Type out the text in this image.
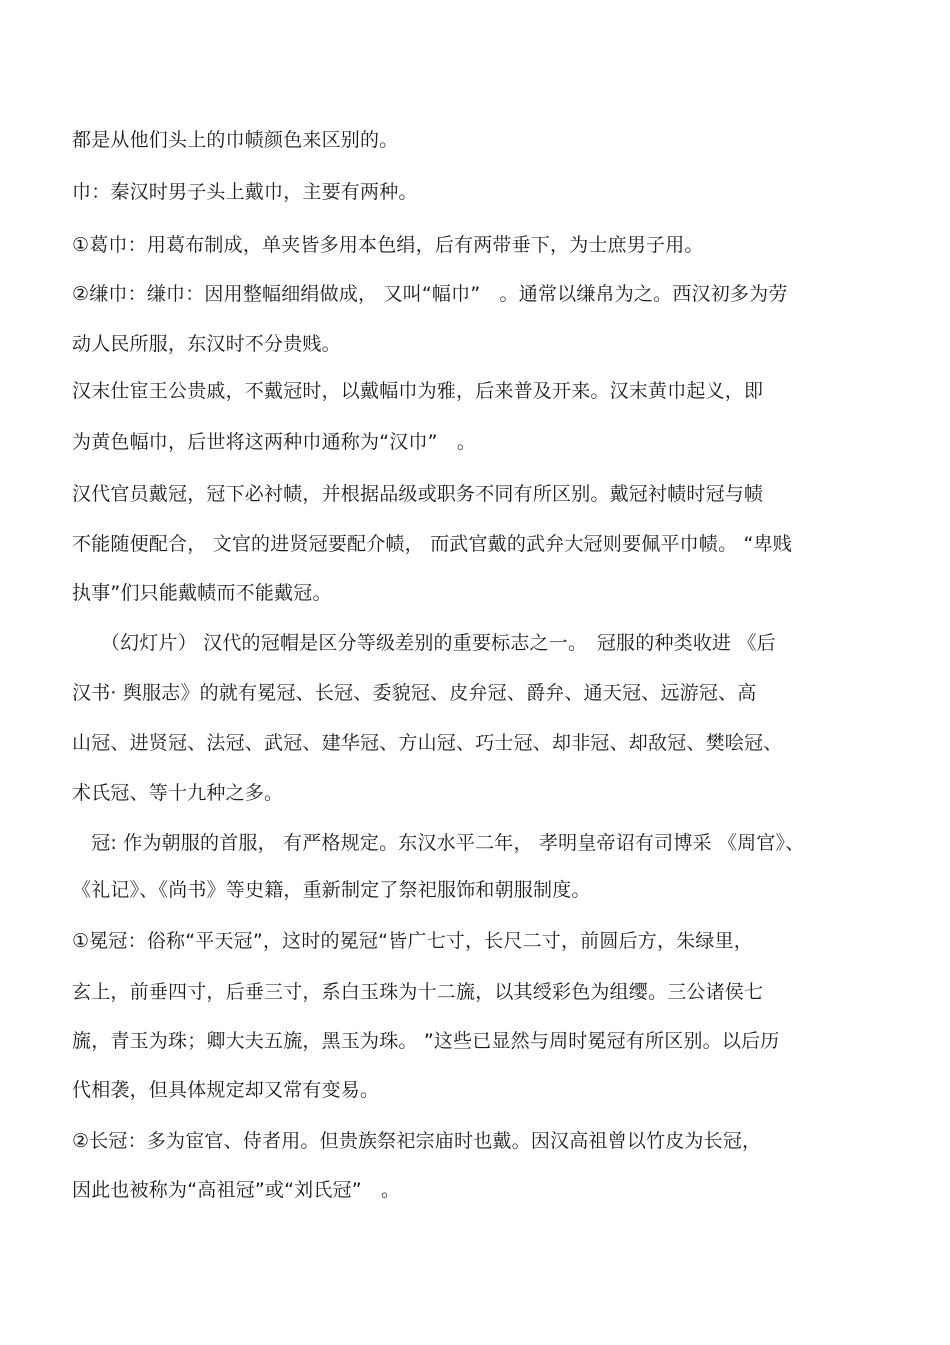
都是从他们头上的巾帻颜色来区别的。
巾：秦汉时男子头上戴巾，主要有两种。
①葛巾：用葛布制成，单夹皆多用本色绢，后有两带垂下，为士庶男子用。
②缣巾：缣巾：因用整幅细绢做成， 又叫“幅巾”　。通常以缣帛为之。西汉初多为劳
动人民所服，东汉时不分贵贱。
汉末仕宦王公贵戚，不戴冠时，以戴幅巾为雅，后来普及开来。汉末黄巾起义，即
为黄色幅巾，后世将这两种巾通称为“汉巾”　。
汉代官员戴冠，冠下必衬帻，并根据品级或职务不同有所区别。戴冠衬帻时冠与帻
不能随便配合， 文官的进贤冠要配介帻， 而武官戴的武弁大冠则要佩平巾帻。 “卑贱
执事”们只能戴帻而不能戴冠。
　　（幻灯片） 汉代的冠帽是区分等级差别的重要标志之一。　冠服的种类收进 《后
汉书· 舆服志》的就有冕冠、长冠、委貌冠、皮弁冠、爵弁、通天冠、远游冠、高
山冠、进贤冠、法冠、武冠、建华冠、方山冠、巧士冠、却非冠、却敌冠、樊哙冠、
术氏冠、等十九种之多。
　冠: 作为朝服的首服， 有严格规定。东汉水平二年， 孝明皇帝诏有司博采 《周官》、
《礼记》、《尚书》等史籍，重新制定了祭祀服饰和朝服制度。
①冕冠：俗称“平天冠”，这时的冕冠“皆广七寸，长尺二寸，前圆后方，朱绿里，
玄上，前垂四寸，后垂三寸，系白玉珠为十二旒，以其绶彩色为组缨。三公诸侯七
旒，青玉为珠；卿大夫五旒，黑玉为珠。 ”这些已显然与周时冕冠有所区别。以后历
代相袭，但具体规定却又常有变易。
②长冠：多为宦官、侍者用。但贵族祭祀宗庙时也戴。因汉高祖曾以竹皮为长冠，
因此也被称为“高祖冠”或“刘氏冠”　。
